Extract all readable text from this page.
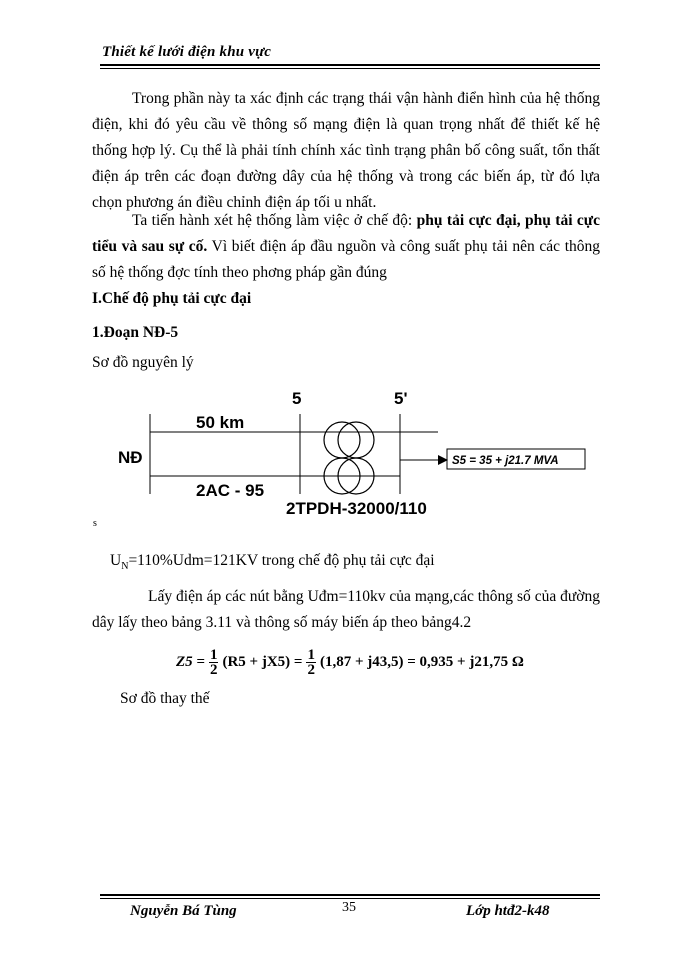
Thiết kế lưới điện khu vực
Trong phần này ta xác định các trạng thái vận hành điển hình của hệ thống điện, khi đó yêu cầu về thông số mạng điện là quan trọng nhất để thiết kế hệ thống hợp lý. Cụ thể là phải tính chính xác tình trạng phân bố công suất, tổn thất điện áp trên các đoạn đường dây của hệ thống và trong các biến áp, từ đó lựa chọn phương án điều chỉnh điện áp tối u nhất.
Ta tiến hành xét hệ thống làm việc ở chế độ: phụ tải cực đại, phụ tải cực tiểu và sau sự cố. Vì biết điện áp đầu nguồn và công suất phụ tải nên các thông số hệ thống đợc tính theo phơng pháp gần đúng
I.Chế độ phụ tải cực đại
1.Đoạn NĐ-5
Sơ đồ nguyên lý
S5 = 35 + j21.7 MVA
NĐ
5	5'
50 km
2AC - 95
2TPDH-32000/110
s
$U_N=110\%Udm=121KV$ trong chế độ phụ tải cực đại
Lấy điện áp các nút bằng Uđm=110kv của mạng,các thông số của đường dây lấy theo bảng 3.11 và thông số máy biến áp theo bảng4.2
$Z5 = \frac{1}{2} (R5 + jX5) = \frac{1}{2} (1,87 + j43,5) = 0,935 + j21,75$ Ω
Sơ đồ thay thế
Nguyễn Bá Tùng	35	Lớp htđ2-k48
